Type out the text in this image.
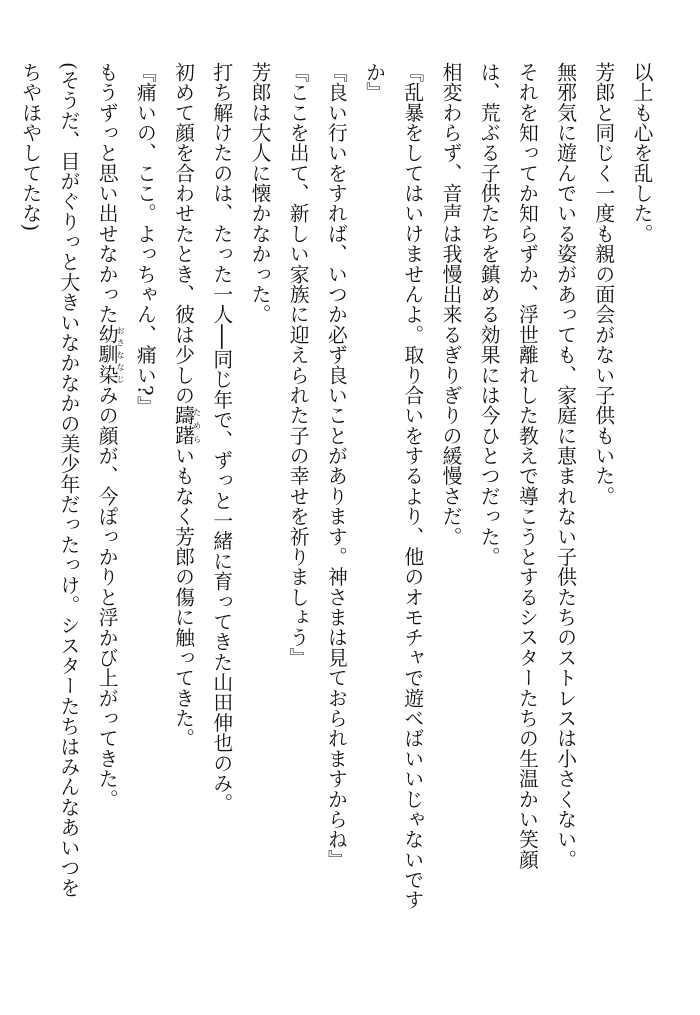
以上も心を乱した。
芳郎と同じく一度も親の面会がない子供もいた。
無邪気に遊んでいる姿があっても、家庭に恵まれない子供たちのストレスは小さくない。
それを知ってか知らずか、浮世離れした教えで導こうとするシスターたちの生温かい笑顔
は、荒ぶる子供たちを鎮める効果には今ひとつだった。
相変わらず、音声は我慢出来るぎりぎりの緩慢さだ。
『乱暴をしてはいけませんよ。取り合いをするより、他のオモチャで遊べばいいじゃないです
か』
『良い行いをすれば、いつか必ず良いことがあります。神さまは見ておられますからね』
『ここを出て、新しい家族に迎えられた子の幸せを祈りましょう』
芳郎は大人に懐かなかった。
打ち解けたのは、たった一人──同じ年で、ずっと一緒に育ってきた山田伸也のみ。
初めて顔を合わせたとき、彼は少しの躊躇ためらいもなく芳郎の傷に触ってきた。
『痛いの、ここ。よっちゃん、痛い?』
もうずっと思い出せなかった幼馴染おさななじみの顔が、今ぽっかりと浮かび上がってきた。
(そうだ、目がぐりっと大きいなかなかの美少年だったっけ。シスターたちはみんなあいつを
ちやほやしてたな)
